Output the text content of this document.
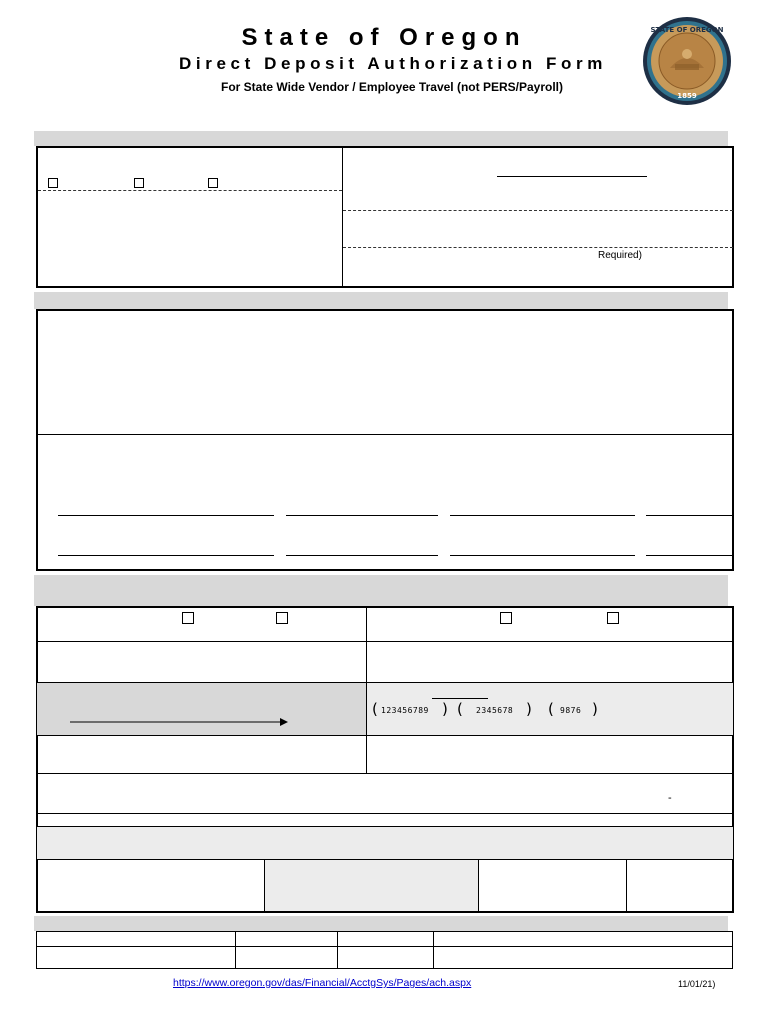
State of Oregon
Direct Deposit Authorization Form
For State Wide Vendor / Employee Travel (not PERS/Payroll)
STATE OF OREGON
1859
Required)
( 123456789 ) ( 2345678 ) ( 9876 )
-
https://www.oregon.gov/das/Financial/AcctgSys/Pages/ach.aspx	11/01/21)
